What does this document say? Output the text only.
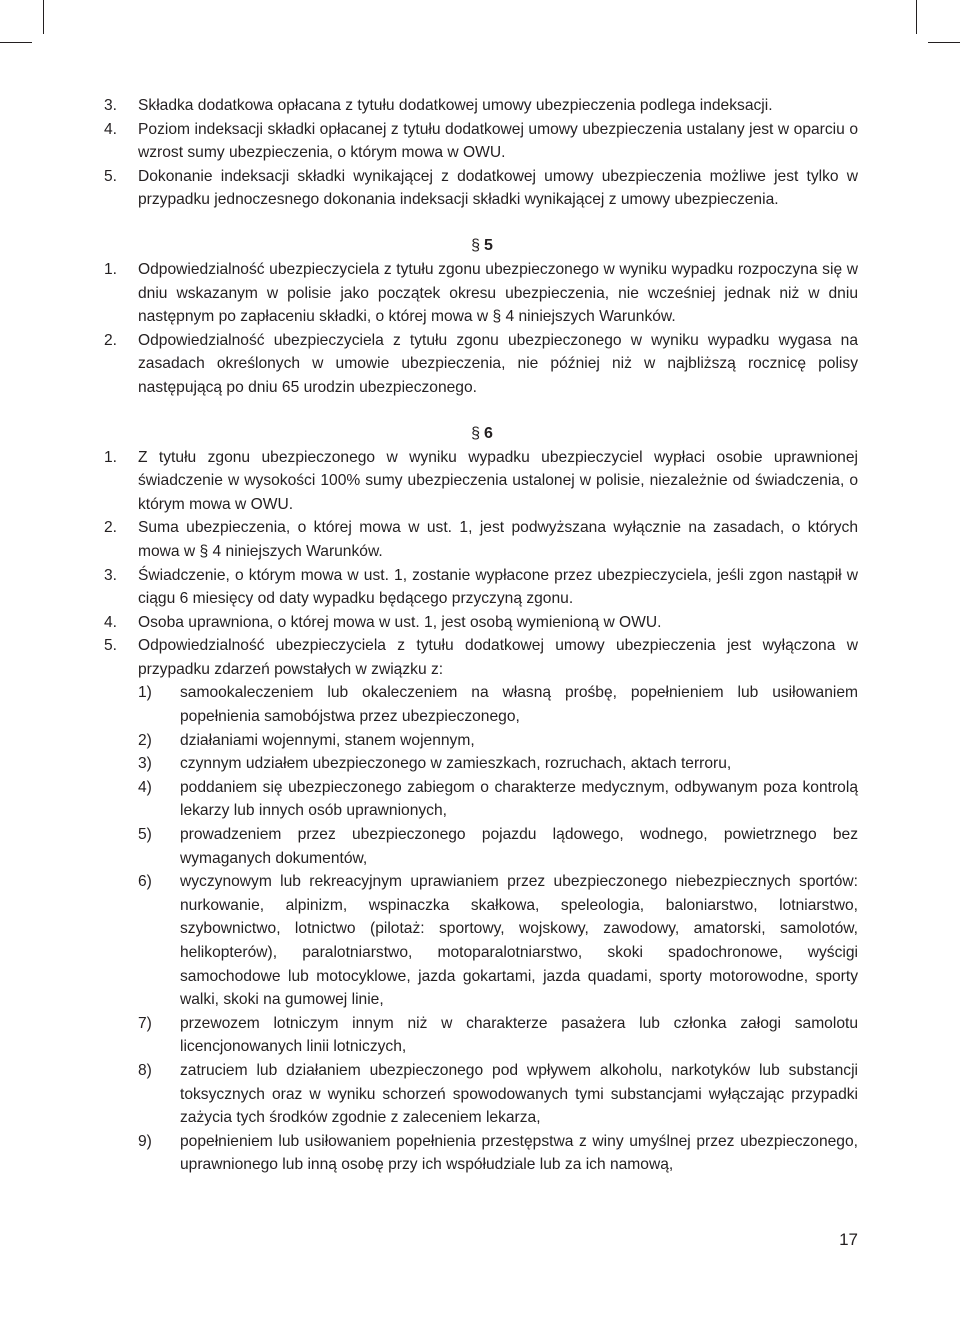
3.	Składka dodatkowa opłacana z tytułu dodatkowej umowy ubezpieczenia podlega indeksacji.
4.	Poziom indeksacji składki opłacanej z tytułu dodatkowej umowy ubezpieczenia ustalany jest w oparciu o wzrost sumy ubezpieczenia, o którym mowa w OWU.
5.	Dokonanie indeksacji składki wynikającej z dodatkowej umowy ubezpieczenia możliwe jest tylko w przypadku jednoczesnego dokonania indeksacji składki wynikającej z umowy ubezpieczenia.
§ 5
1.	Odpowiedzialność ubezpieczyciela z tytułu zgonu ubezpieczonego w wyniku wypadku rozpoczyna się w dniu wskazanym w polisie jako początek okresu ubezpieczenia, nie wcześniej jednak niż w dniu następnym po zapłaceniu składki, o której mowa w § 4 niniejszych Warunków.
2.	Odpowiedzialność ubezpieczyciela z tytułu zgonu ubezpieczonego w wyniku wypadku wygasa na zasadach określonych w umowie ubezpieczenia, nie później niż w najbliższą rocznicę polisy następującą po dniu 65 urodzin ubezpieczonego.
§ 6
1.	Z tytułu zgonu ubezpieczonego w wyniku wypadku ubezpieczyciel wypłaci osobie uprawnionej świadczenie w wysokości 100% sumy ubezpieczenia ustalonej w polisie, niezależnie od świadczenia, o którym mowa w OWU.
2.	Suma ubezpieczenia, o której mowa w ust. 1, jest podwyższana wyłącznie na zasadach, o których mowa w § 4 niniejszych Warunków.
3.	Świadczenie, o którym mowa w ust. 1, zostanie wypłacone przez ubezpieczyciela, jeśli zgon nastąpił w ciągu 6 miesięcy od daty wypadku będącego przyczyną zgonu.
4.	Osoba uprawniona, o której mowa w ust. 1, jest osobą wymienioną w OWU.
5.	Odpowiedzialność ubezpieczyciela z tytułu dodatkowej umowy ubezpieczenia jest wyłączona w przypadku zdarzeń powstałych w związku z:
1)	samookaleczeniem lub okaleczeniem na własną prośbę, popełnieniem lub usiłowaniem popełnienia samobójstwa przez ubezpieczonego,
2)	działaniami wojennymi, stanem wojennym,
3)	czynnym udziałem ubezpieczonego w zamieszkach, rozruchach, aktach terroru,
4)	poddaniem się ubezpieczonego zabiegom o charakterze medycznym, odbywanym poza kontrolą lekarzy lub innych osób uprawnionych,
5)	prowadzeniem przez ubezpieczonego pojazdu lądowego, wodnego, powietrznego bez wymaganych dokumentów,
6)	wyczynowym lub rekreacyjnym uprawianiem przez ubezpieczonego niebezpiecznych sportów: nurkowanie, alpinizm, wspinaczka skałkowa, speleologia, baloniarstwo, lotniarstwo, szybownictwo, lotnictwo (pilotaż: sportowy, wojskowy, zawodowy, amatorski, samolotów, helikopterów), paralotniarstwo, motoparalotniarstwo, skoki spadochronowe, wyścigi samochodowe lub motocyklowe, jazda gokartami, jazda quadami, sporty motorowodne, sporty walki, skoki na gumowej linie,
7)	przewozem lotniczym innym niż w charakterze pasażera lub członka załogi samolotu licencjonowanych linii lotniczych,
8)	zatruciem lub działaniem ubezpieczonego pod wpływem alkoholu, narkotyków lub substancji toksycznych oraz w wyniku schorzeń spowodowanych tymi substancjami wyłączając przypadki zażycia tych środków zgodnie z zaleceniem lekarza,
9)	popełnieniem lub usiłowaniem popełnienia przestępstwa z winy umyślnej przez ubezpieczonego, uprawnionego lub inną osobę przy ich współudziale lub za ich namową,
17
